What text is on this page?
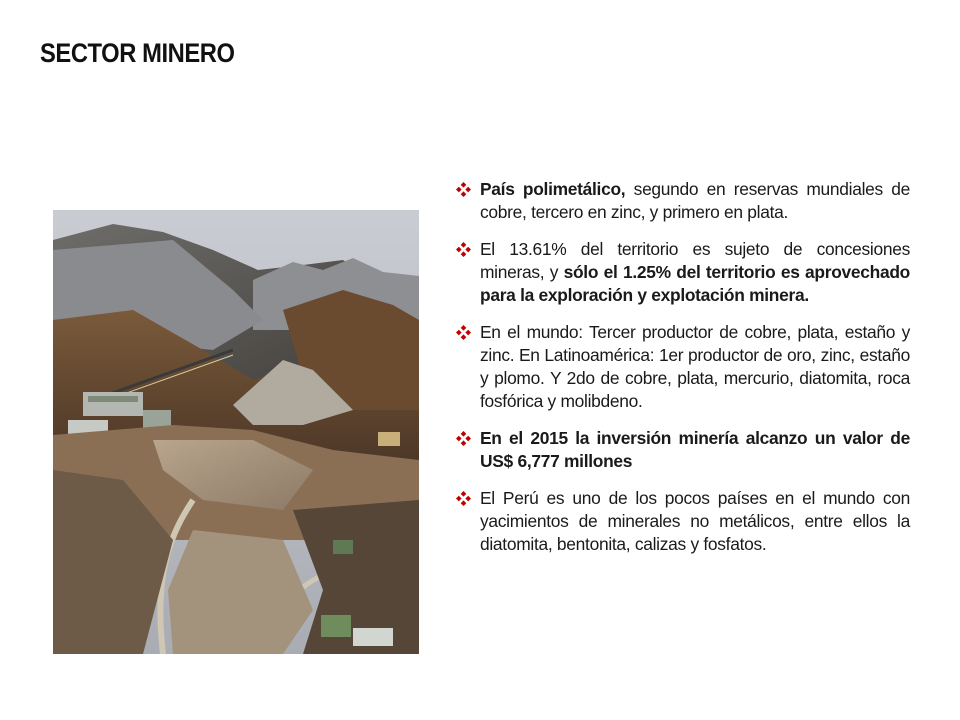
SECTOR MINERO
País polimetálico, segundo en reservas mundiales de cobre, tercero en zinc, y primero en plata.
El 13.61% del territorio es sujeto de concesiones mineras, y sólo el 1.25% del territorio es aprovechado para la exploración y explotación minera.
En el mundo: Tercer productor de cobre, plata, estaño y zinc. En Latinoamérica: 1er productor de oro, zinc, estaño y plomo. Y 2do de cobre, plata, mercurio, diatomita, roca fosfórica y molibdeno.
En el 2015 la inversión minería alcanzo un valor de US$ 6,777 millones
El Perú es uno de los pocos países en el mundo con yacimientos de minerales no metálicos, entre ellos la diatomita, bentonita, calizas y fosfatos.
